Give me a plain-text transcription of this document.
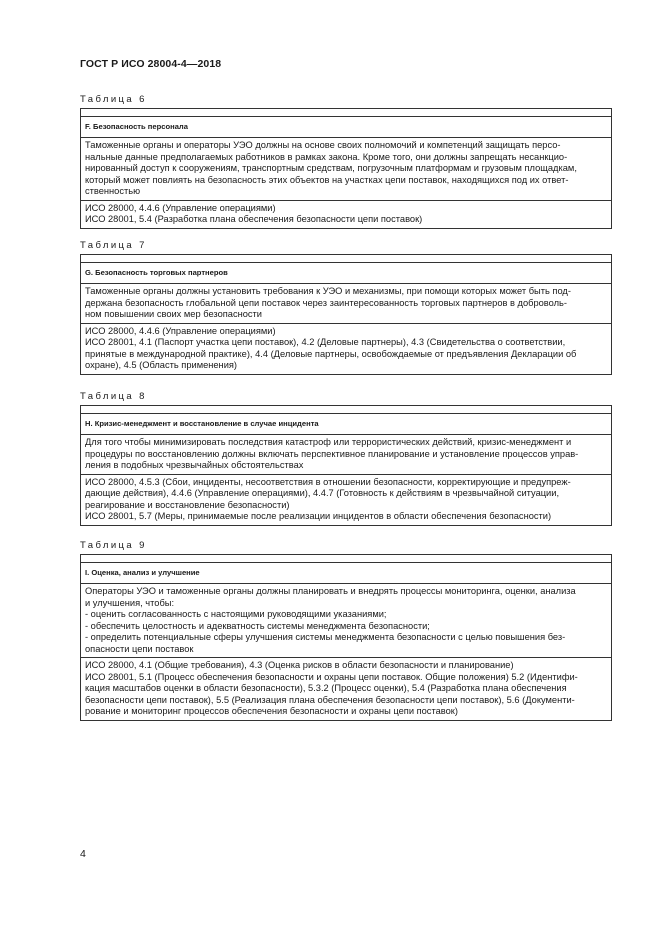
ГОСТ Р ИСО 28004-4—2018
Таблица 6

F. Безопасность персонала

Таможенные органы и операторы УЭО должны на основе своих полномочий и компетенций защищать персо-
нальные данные предполагаемых работников в рамках закона. Кроме того, они должны запрещать несанкцио-
нированный доступ к сооружениям, транспортным средствам, погрузочным платформам и грузовым площадкам,
который может повлиять на безопасность этих объектов на участках цепи поставок, находящихся под их ответ-
ственностью

ИСО 28000, 4.4.6 (Управление операциями)
ИСО 28001, 5.4 (Разработка плана обеспечения безопасности цепи поставок)
Таблица 7

G. Безопасность торговых партнеров

Таможенные органы должны установить требования к УЭО и механизмы, при помощи которых может быть под-
держана безопасность глобальной цепи поставок через заинтересованность торговых партнеров в доброволь-
ном повышении своих мер безопасности

ИСО 28000, 4.4.6 (Управление операциями)
ИСО 28001, 4.1 (Паспорт участка цепи поставок), 4.2 (Деловые партнеры), 4.3 (Свидетельства о соответствии,
принятые в международной практике), 4.4 (Деловые партнеры, освобождаемые от предъявления Декларации об
охране), 4.5 (Область применения)
Таблица 8

H. Кризис-менеджмент и восстановление в случае инцидента

Для того чтобы минимизировать последствия катастроф или террористических действий, кризис-менеджмент и
процедуры по восстановлению должны включать перспективное планирование и установление процессов управ-
ления в подобных чрезвычайных обстоятельствах

ИСО 28000, 4.5.3 (Сбои, инциденты, несоответствия в отношении безопасности, корректирующие и предупреж-
дающие действия), 4.4.6 (Управление операциями), 4.4.7 (Готовность к действиям в чрезвычайной ситуации,
реагирование и восстановление безопасности)
ИСО 28001, 5.7 (Меры, принимаемые после реализации инцидентов в области обеспечения безопасности)
Таблица 9

I. Оценка, анализ и улучшение

Операторы УЭО и таможенные органы должны планировать и внедрять процессы мониторинга, оценки, анализа
и улучшения, чтобы:
- оценить согласованность с настоящими руководящими указаниями;
- обеспечить целостность и адекватность системы менеджмента безопасности;
- определить потенциальные сферы улучшения системы менеджмента безопасности с целью повышения без-
опасности цепи поставок

ИСО 28000, 4.1 (Общие требования), 4.3 (Оценка рисков в области безопасности и планирование)
ИСО 28001, 5.1 (Процесс обеспечения безопасности и охраны цепи поставок. Общие положения) 5.2 (Идентифи-
кация масштабов оценки в области безопасности), 5.3.2 (Процесс оценки), 5.4 (Разработка плана обеспечения
безопасности цепи поставок), 5.5 (Реализация плана обеспечения безопасности цепи поставок), 5.6 (Документи-
рование и мониторинг процессов обеспечения безопасности и охраны цепи поставок)
4
